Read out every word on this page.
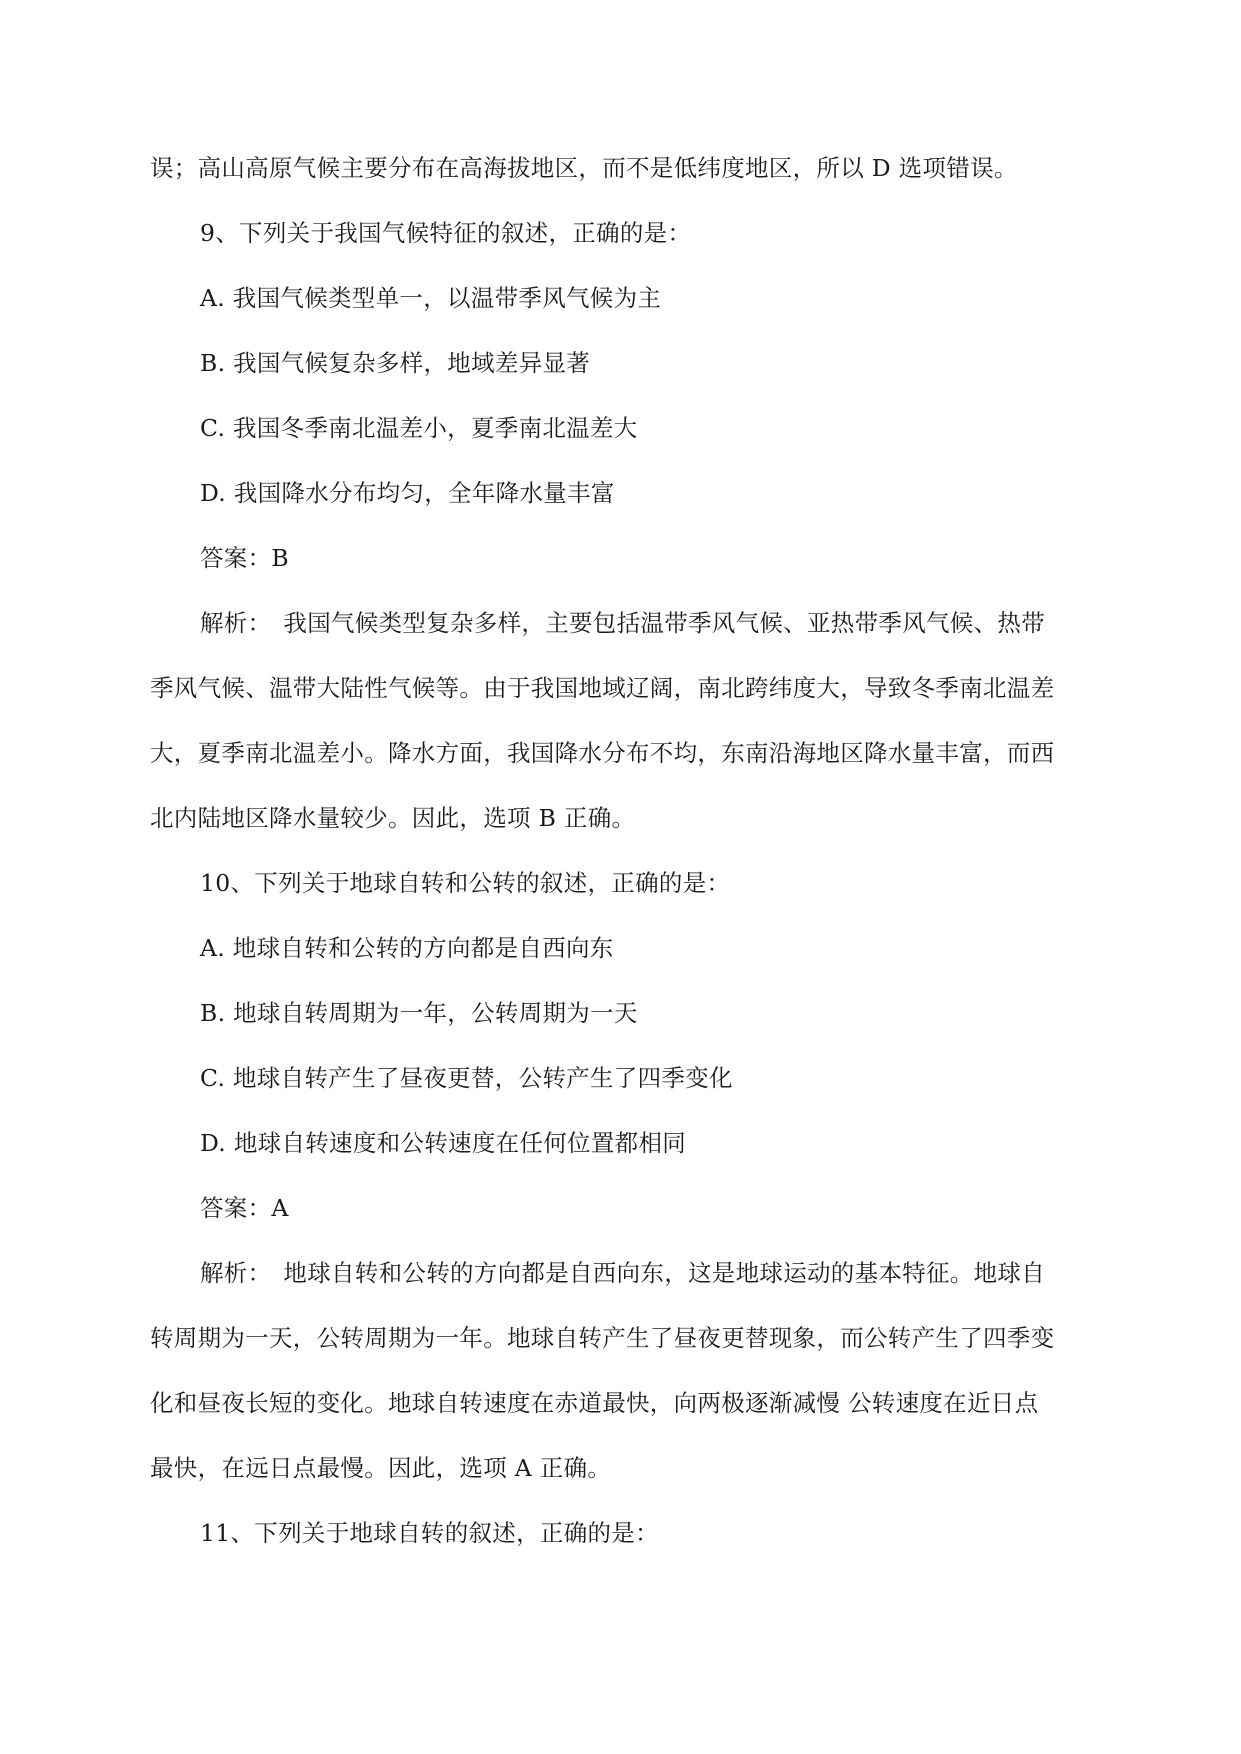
误；高山高原气候主要分布在高海拔地区，而不是低纬度地区，所以 D 选项错误。
9、下列关于我国气候特征的叙述，正确的是：
A. 我国气候类型单一，以温带季风气候为主
B. 我国气候复杂多样，地域差异显著
C. 我国冬季南北温差小，夏季南北温差大
D. 我国降水分布均匀，全年降水量丰富
答案：B
解析： 我国气候类型复杂多样，主要包括温带季风气候、亚热带季风气候、热带
季风气候、温带大陆性气候等。由于我国地域辽阔，南北跨纬度大，导致冬季南北温差
大，夏季南北温差小。降水方面，我国降水分布不均，东南沿海地区降水量丰富，而西
北内陆地区降水量较少。因此，选项 B 正确。
10、下列关于地球自转和公转的叙述，正确的是：
A. 地球自转和公转的方向都是自西向东
B. 地球自转周期为一年，公转周期为一天
C. 地球自转产生了昼夜更替，公转产生了四季变化
D. 地球自转速度和公转速度在任何位置都相同
答案：A
解析： 地球自转和公转的方向都是自西向东，这是地球运动的基本特征。地球自
转周期为一天，公转周期为一年。地球自转产生了昼夜更替现象，而公转产生了四季变
化和昼夜长短的变化。地球自转速度在赤道最快，向两极逐渐减慢 公转速度在近日点
最快，在远日点最慢。因此，选项 A 正确。
11、下列关于地球自转的叙述，正确的是：
